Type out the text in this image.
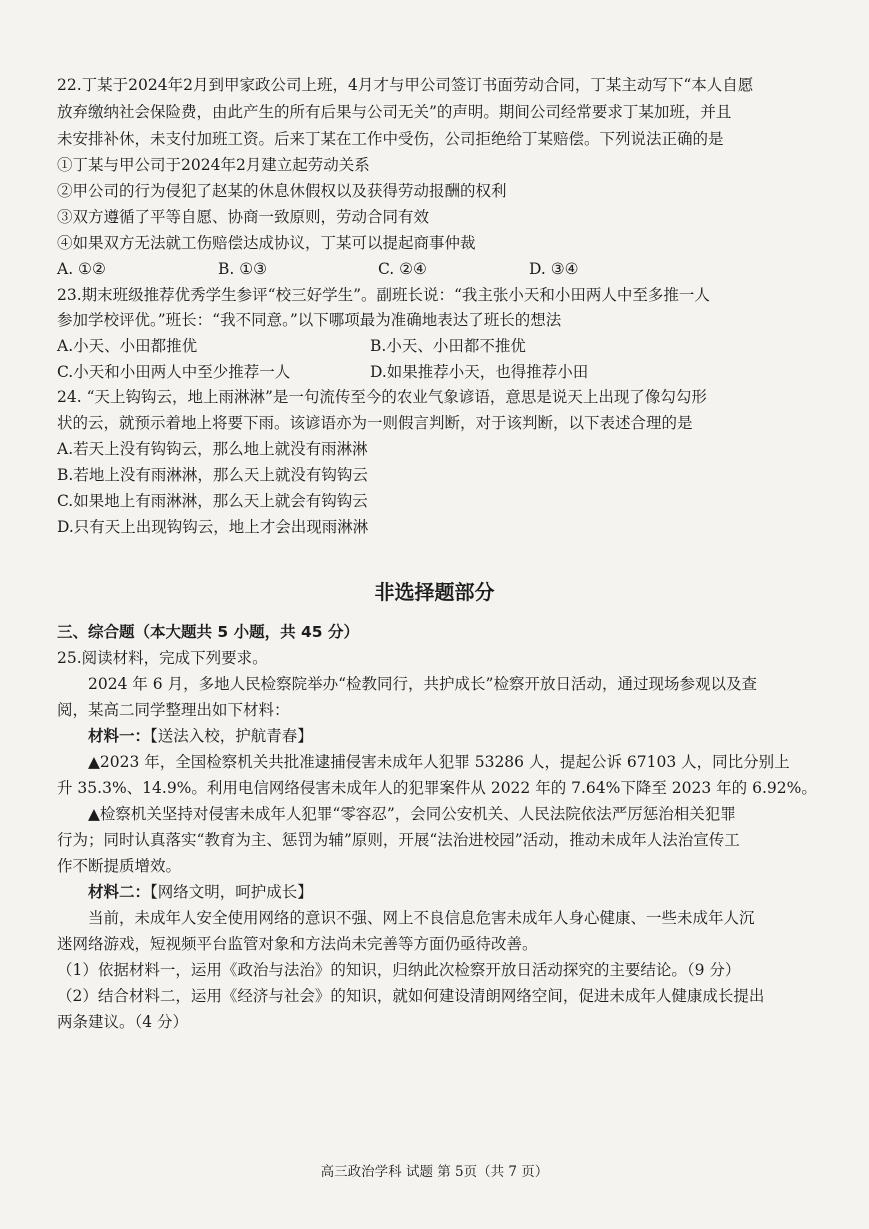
22.丁某于2024年2月到甲家政公司上班，4月才与甲公司签订书面劳动合同，丁某主动写下“本人自愿
放弃缴纳社会保险费，由此产生的所有后果与公司无关”的声明。期间公司经常要求丁某加班，并且
未安排补休，未支付加班工资。后来丁某在工作中受伤，公司拒绝给丁某赔偿。下列说法正确的是
①丁某与甲公司于2024年2月建立起劳动关系
②甲公司的行为侵犯了赵某的休息休假权以及获得劳动报酬的权利
③双方遵循了平等自愿、协商一致原则，劳动合同有效
④如果双方无法就工伤赔偿达成协议，丁某可以提起商事仲裁
A. ①②	B. ①③	C. ②④	D. ③④
23.期末班级推荐优秀学生参评“校三好学生”。副班长说：“我主张小天和小田两人中至多推一人
参加学校评优。”班长：“我不同意。”以下哪项最为准确地表达了班长的想法
A.小天、小田都推优	B.小天、小田都不推优
C.小天和小田两人中至少推荐一人	D.如果推荐小天，也得推荐小田
24. “天上钩钩云，地上雨淋淋”是一句流传至今的农业气象谚语，意思是说天上出现了像勾勾形
状的云，就预示着地上将要下雨。该谚语亦为一则假言判断，对于该判断，以下表述合理的是
A.若天上没有钩钩云，那么地上就没有雨淋淋
B.若地上没有雨淋淋，那么天上就没有钩钩云
C.如果地上有雨淋淋，那么天上就会有钩钩云
D.只有天上出现钩钩云，地上才会出现雨淋淋
非选择题部分
三、综合题（本大题共 5 小题，共 45 分）
25.阅读材料，完成下列要求。
2024 年 6 月，多地人民检察院举办“检教同行，共护成长”检察开放日活动，通过现场参观以及查
阅，某高二同学整理出如下材料：
材料一：【送法入校，护航青春】
▲2023 年，全国检察机关共批准逮捕侵害未成年人犯罪 53286 人，提起公诉 67103 人，同比分别上
升 35.3%、14.9%。利用电信网络侵害未成年人的犯罪案件从 2022 年的 7.64%下降至 2023 年的 6.92%。
▲检察机关坚持对侵害未成年人犯罪“零容忍”，会同公安机关、人民法院依法严厉惩治相关犯罪
行为；同时认真落实“教育为主、惩罚为辅”原则，开展“法治进校园”活动，推动未成年人法治宣传工
作不断提质增效。
材料二：【网络文明，呵护成长】
当前，未成年人安全使用网络的意识不强、网上不良信息危害未成年人身心健康、一些未成年人沉
迷网络游戏，短视频平台监管对象和方法尚未完善等方面仍亟待改善。
（1）依据材料一，运用《政治与法治》的知识，归纳此次检察开放日活动探究的主要结论。（9 分）
（2）结合材料二，运用《经济与社会》的知识，就如何建设清朗网络空间，促进未成年人健康成长提出
两条建议。（4 分）
高三政治学科 试题 第 5页（共 7 页）
